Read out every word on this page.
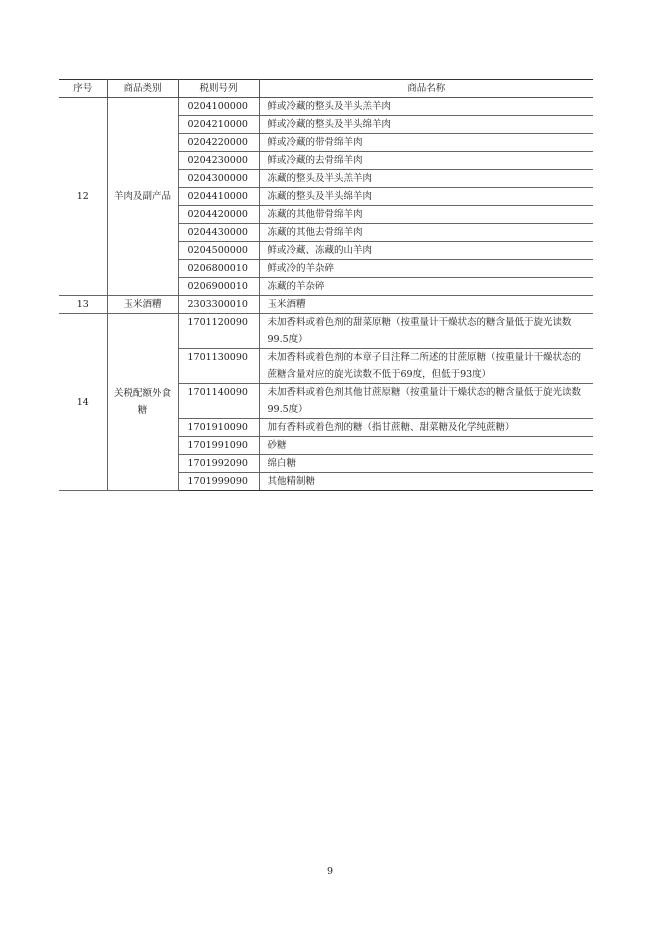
序号	商品类别	税则号列	商品名称
12	羊肉及副产品	0204100000	鲜或冷藏的整头及半头羔羊肉
		0204210000	鲜或冷藏的整头及半头绵羊肉
		0204220000	鲜或冷藏的带骨绵羊肉
		0204230000	鲜或冷藏的去骨绵羊肉
		0204300000	冻藏的整头及半头羔羊肉
		0204410000	冻藏的整头及半头绵羊肉
		0204420000	冻藏的其他带骨绵羊肉
		0204430000	冻藏的其他去骨绵羊肉
		0204500000	鲜或冷藏、冻藏的山羊肉
		0206800010	鲜或冷的羊杂碎
		0206900010	冻藏的羊杂碎
13	玉米酒糟	2303300010	玉米酒糟
14	关税配额外食糖	1701120090	未加香料或着色剂的甜菜原糖（按重量计干燥状态的糖含量低于旋光读数99.5度）
		1701130090	未加香料或着色剂的本章子目注释二所述的甘蔗原糖（按重量计干燥状态的蔗糖含量对应的旋光读数不低于69度，但低于93度）
		1701140090	未加香料或着色剂其他甘蔗原糖（按重量计干燥状态的糖含量低于旋光读数99.5度）
		1701910090	加有香料或着色剂的糖（指甘蔗糖、甜菜糖及化学纯蔗糖）
		1701991090	砂糖
		1701992090	绵白糖
		1701999090	其他精制糖
9
